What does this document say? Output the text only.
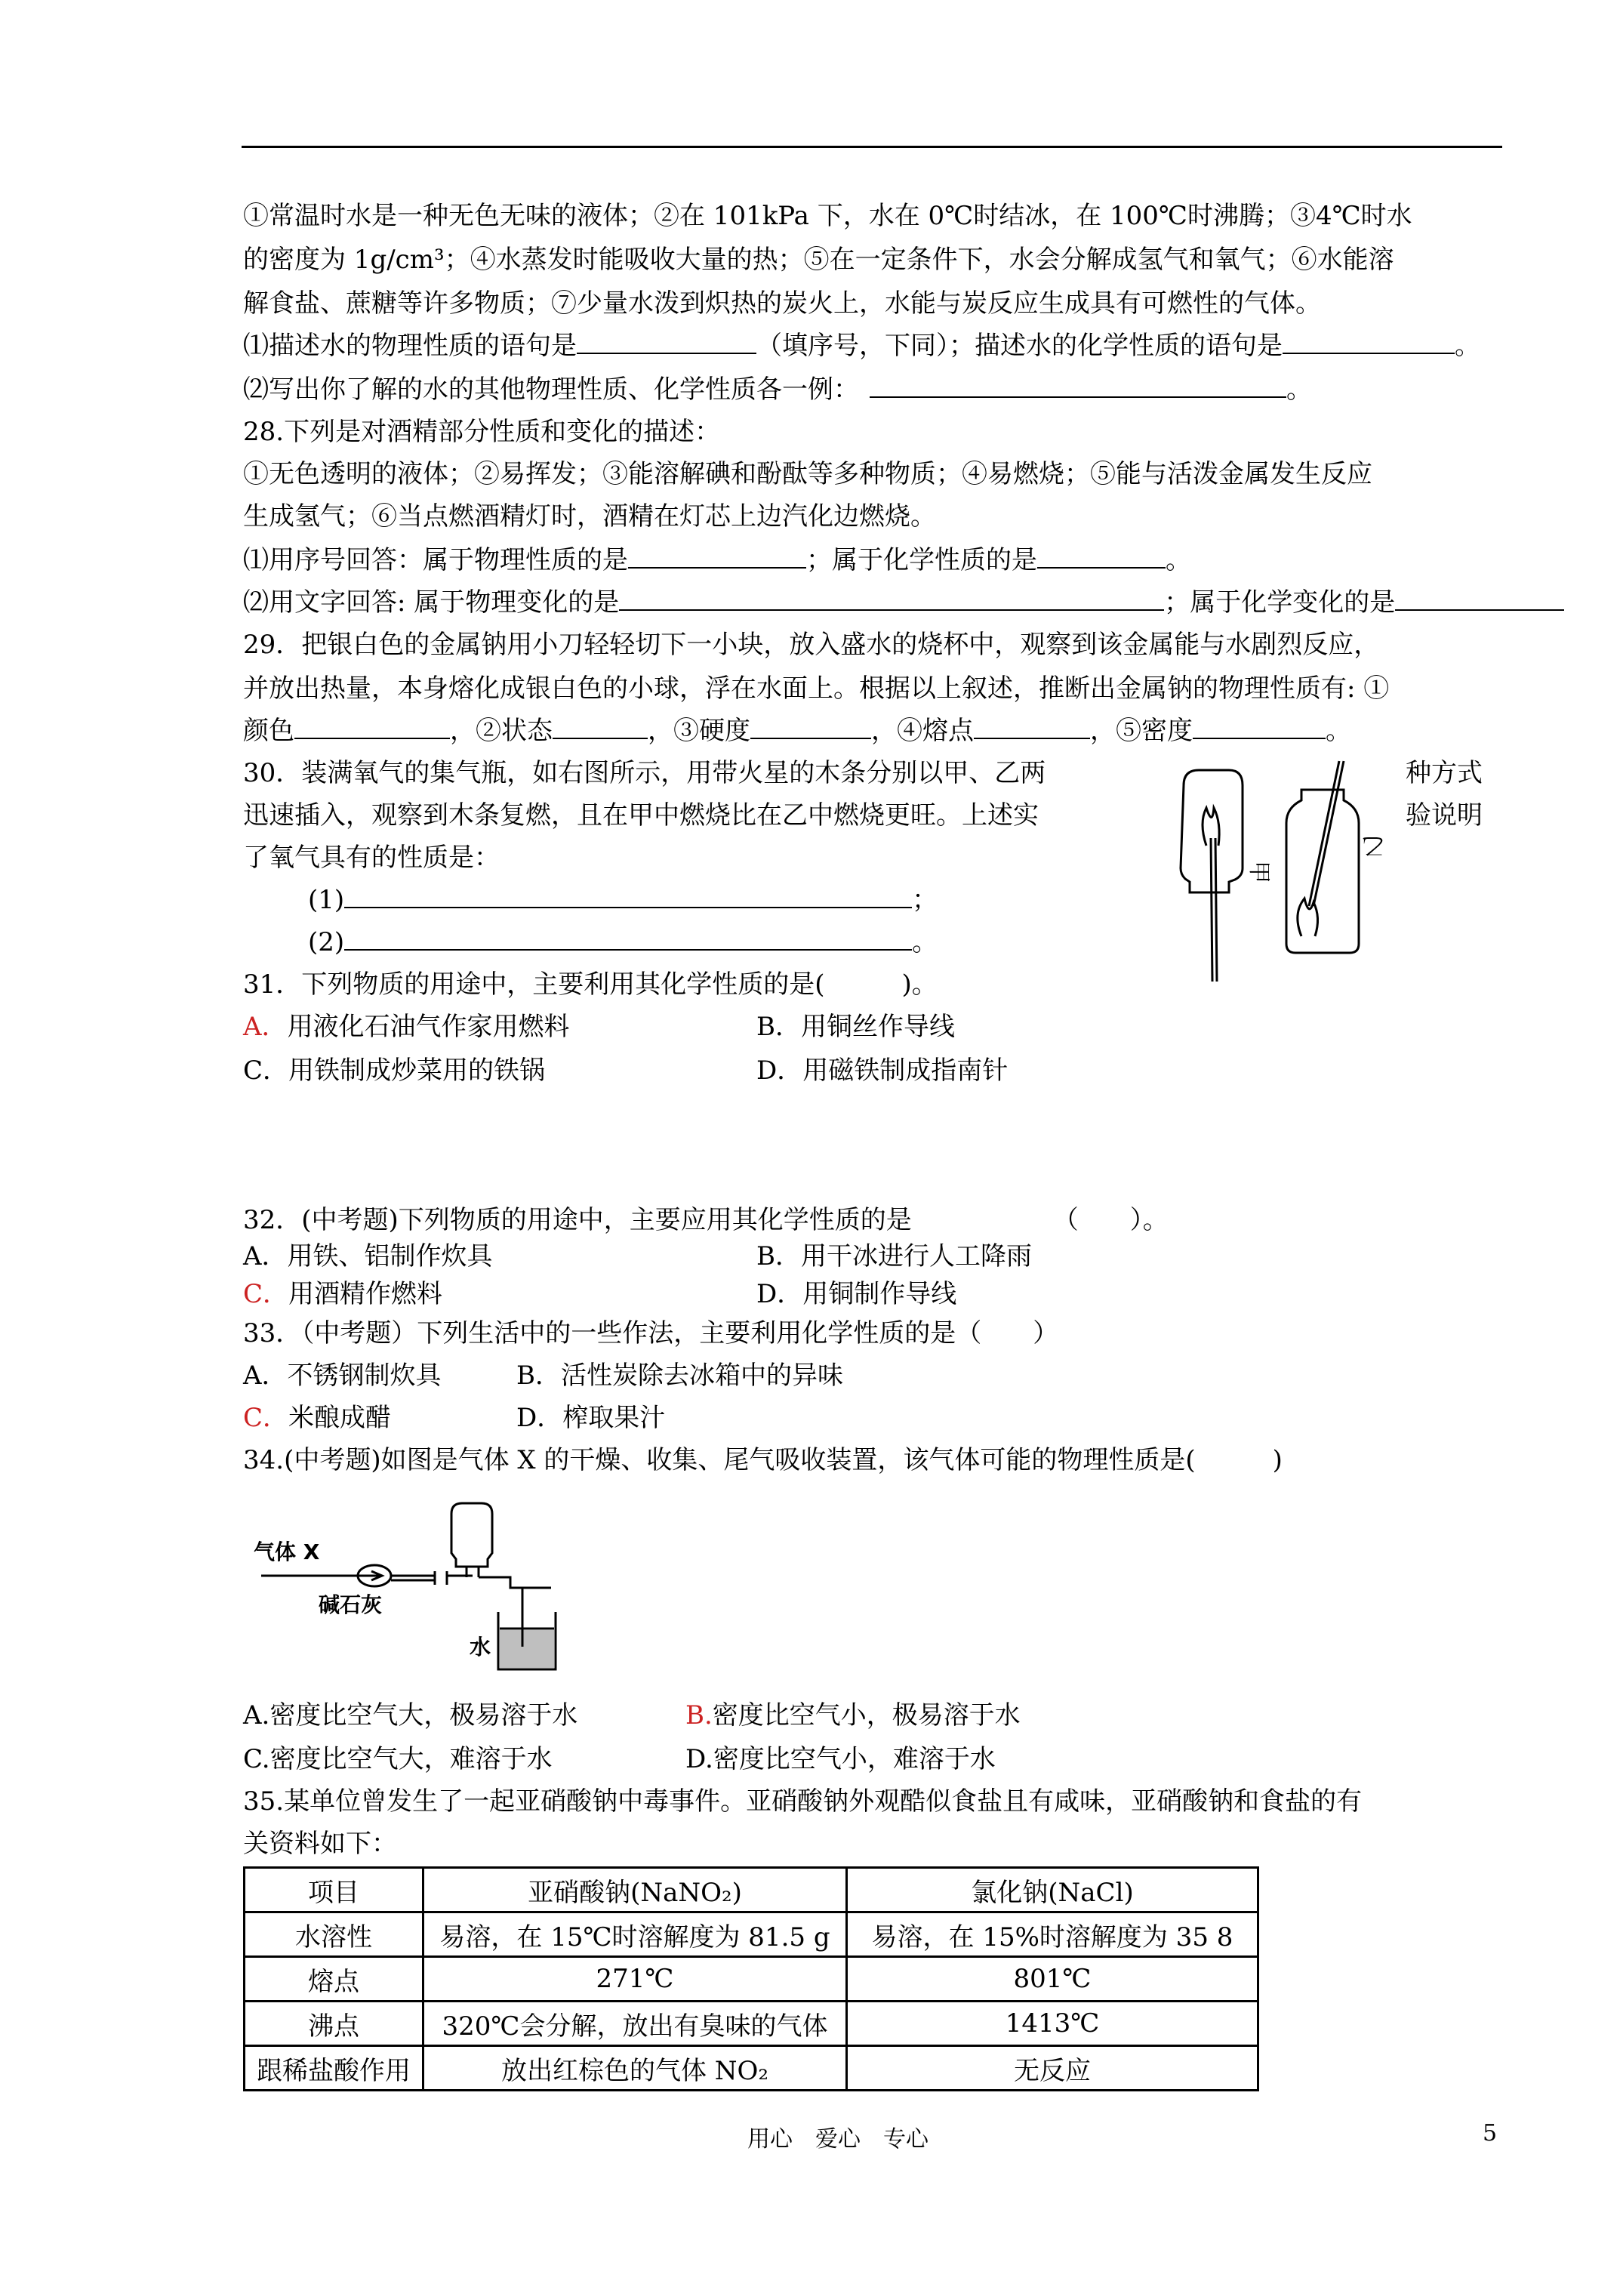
①常温时水是一种无色无味的液体；②在 101kPa 下，水在 0℃时结冰，在 100℃时沸腾；③4℃时水
的密度为 1g/cm³；④水蒸发时能吸收大量的热；⑤在一定条件下，水会分解成氢气和氧气；⑥水能溶
解食盐、蔗糖等许多物质；⑦少量水泼到炽热的炭火上，水能与炭反应生成具有可燃性的气体。
⑴描述水的物理性质的语句是	（填序号，下同）；描述水的化学性质的语句是	。
⑵写出你了解的水的其他物理性质、化学性质各一例：	。
28.下列是对酒精部分性质和变化的描述：
①无色透明的液体；②易挥发；③能溶解碘和酚酞等多种物质；④易燃烧；⑤能与活泼金属发生反应
生成氢气；⑥当点燃酒精灯时，酒精在灯芯上边汽化边燃烧。
⑴用序号回答：属于物理性质的是	；属于化学性质的是	。
⑵用文字回答: 属于物理变化的是	；属于化学变化的是
29．把银白色的金属钠用小刀轻轻切下一小块，放入盛水的烧杯中，观察到该金属能与水剧烈反应，
并放出热量，本身熔化成银白色的小球，浮在水面上。根据以上叙述，推断出金属钠的物理性质有: ①
颜色	，②状态	，③硬度	，④熔点	，⑤密度	。
30．装满氧气的集气瓶，如右图所示，用带火星的木条分别以甲、乙两	种方式
迅速插入，观察到木条复燃，且在甲中燃烧比在乙中燃烧更旺。上述实	验说明
了氧气具有的性质是：
(1)	；
(2)	。
甲
乙
31．下列物质的用途中，主要利用其化学性质的是(　　　)。
A．用液化石油气作家用燃料	B．用铜丝作导线
C．用铁制成炒菜用的铁锅	D．用磁铁制成指南针
32．(中考题)下列物质的用途中，主要应用其化学性质的是　　　　　　（　　）。
A．用铁、铝制作炊具	B．用干冰进行人工降雨
C．用酒精作燃料	D．用铜制作导线
33．（中考题）下列生活中的一些作法，主要利用化学性质的是（　　）
A．不锈钢制炊具	B．活性炭除去冰箱中的异味
C．米酿成醋	D．榨取果汁
34.(中考题)如图是气体 X 的干燥、收集、尾气吸收装置，该气体可能的物理性质是(　　　)
气体 X
碱石灰
水
A.密度比空气大，极易溶于水	B.密度比空气小，极易溶于水
C.密度比空气大，难溶于水	D.密度比空气小，难溶于水
35.某单位曾发生了一起亚硝酸钠中毒事件。亚硝酸钠外观酷似食盐且有咸味，亚硝酸钠和食盐的有
关资料如下：
项目	亚硝酸钠(NaNO₂)	氯化钠(NaCl)
水溶性	易溶，在 15℃时溶解度为 81.5 g	易溶，在 15%时溶解度为 35 8
熔点	271℃	801℃
沸点	320℃会分解，放出有臭味的气体	1413℃
跟稀盐酸作用	放出红棕色的气体 NO₂	无反应
用心　爱心　专心	5
